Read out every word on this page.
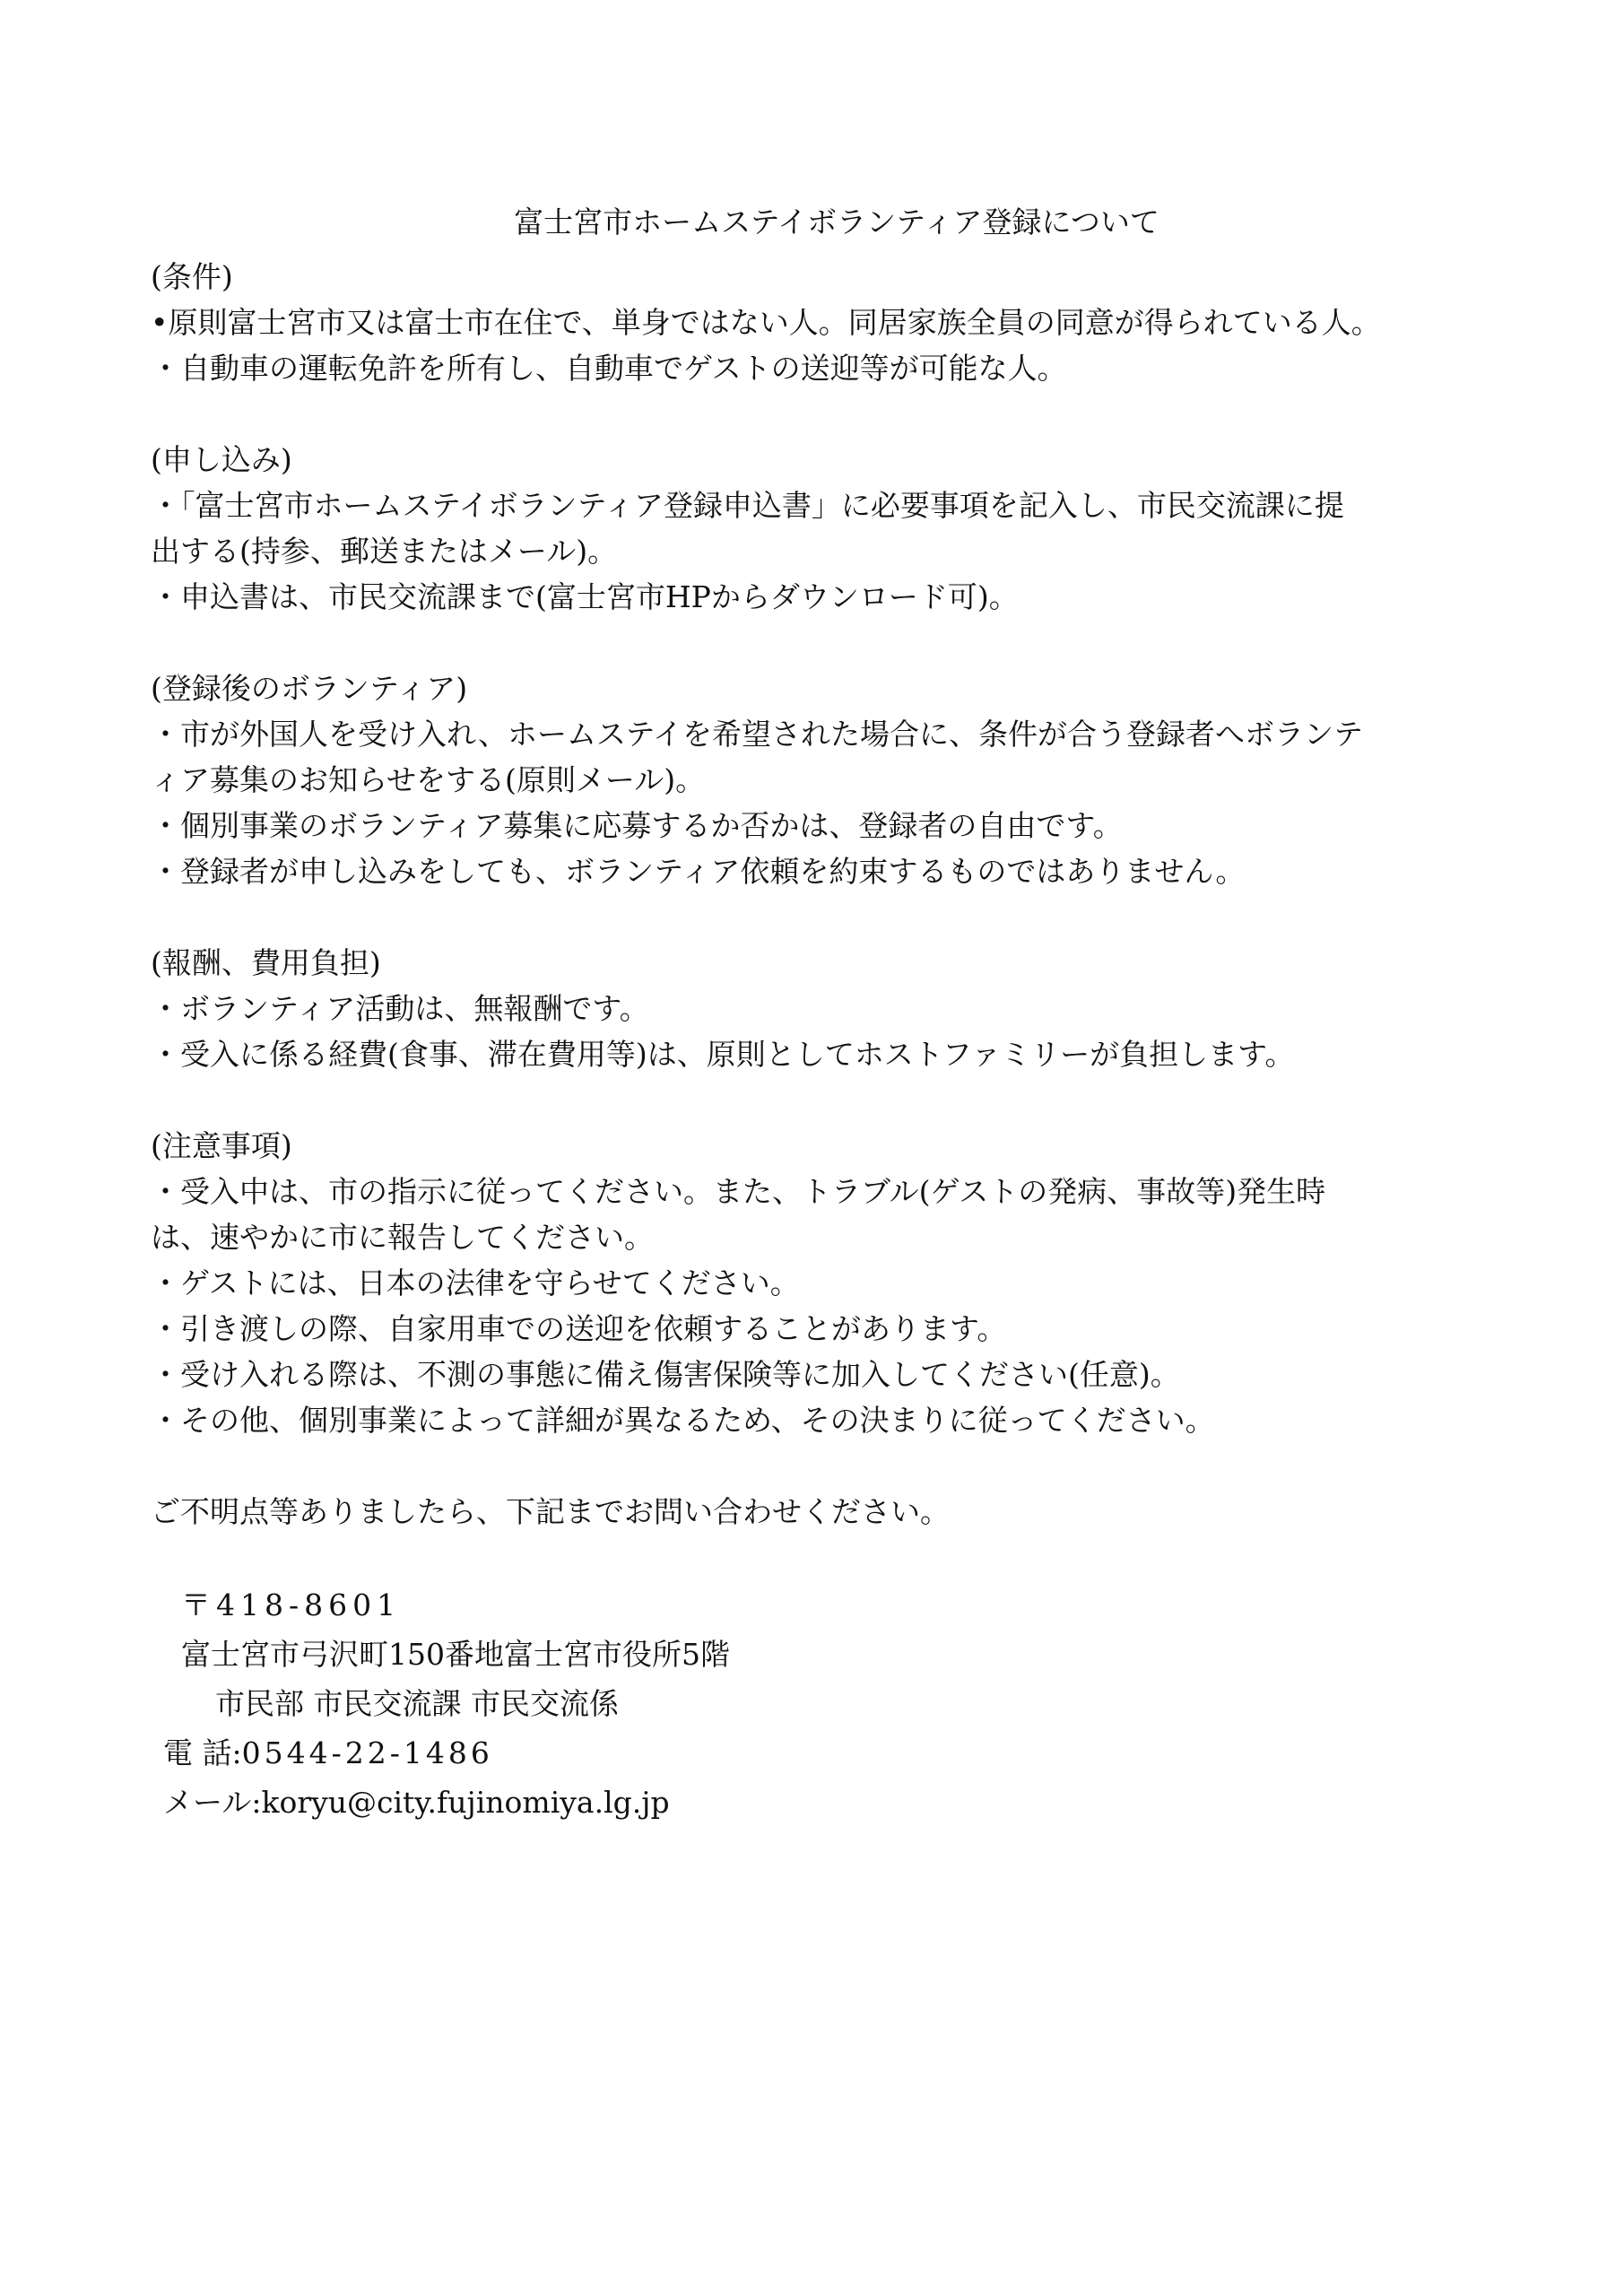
富士宮市ホームステイボランティア登録について

(条件)

•原則富士宮市又は富士市在住で、単身ではない人。同居家族全員の同意が得られている人。

・自動車の運転免許を所有し、自動車でゲストの送迎等が可能な人。

(申し込み)

・「富士宮市ホームステイボランティア登録申込書」に必要事項を記入し、市民交流課に提
出する(持参、郵送またはメール)。

・申込書は、市民交流課まで(富士宮市HPからダウンロード可)。

(登録後のボランティア)

・市が外国人を受け入れ、ホームステイを希望された場合に、条件が合う登録者へボランテ
ィア募集のお知らせをする(原則メール)。

・個別事業のボランティア募集に応募するか否かは、登録者の自由です。

・登録者が申し込みをしても、ボランティア依頼を約束するものではありません。

(報酬、費用負担)

・ボランティア活動は、無報酬です。

・受入に係る経費(食事、滞在費用等)は、原則としてホストファミリーが負担します。

(注意事項)

・受入中は、市の指示に従ってください。また、トラブル(ゲストの発病、事故等)発生時
は、速やかに市に報告してください。

・ゲストには、日本の法律を守らせてください。

・引き渡しの際、自家用車での送迎を依頼することがあります。

・受け入れる際は、不測の事態に備え傷害保険等に加入してください(任意)。

・その他、個別事業によって詳細が異なるため、その決まりに従ってください。

ご不明点等ありましたら、下記までお問い合わせください。

〒418-8601
富士宮市弓沢町150番地富士宮市役所5階
市民部 市民交流課 市民交流係
電 話:0544-22-1486
メール:koryu@city.fujinomiya.lg.jp
